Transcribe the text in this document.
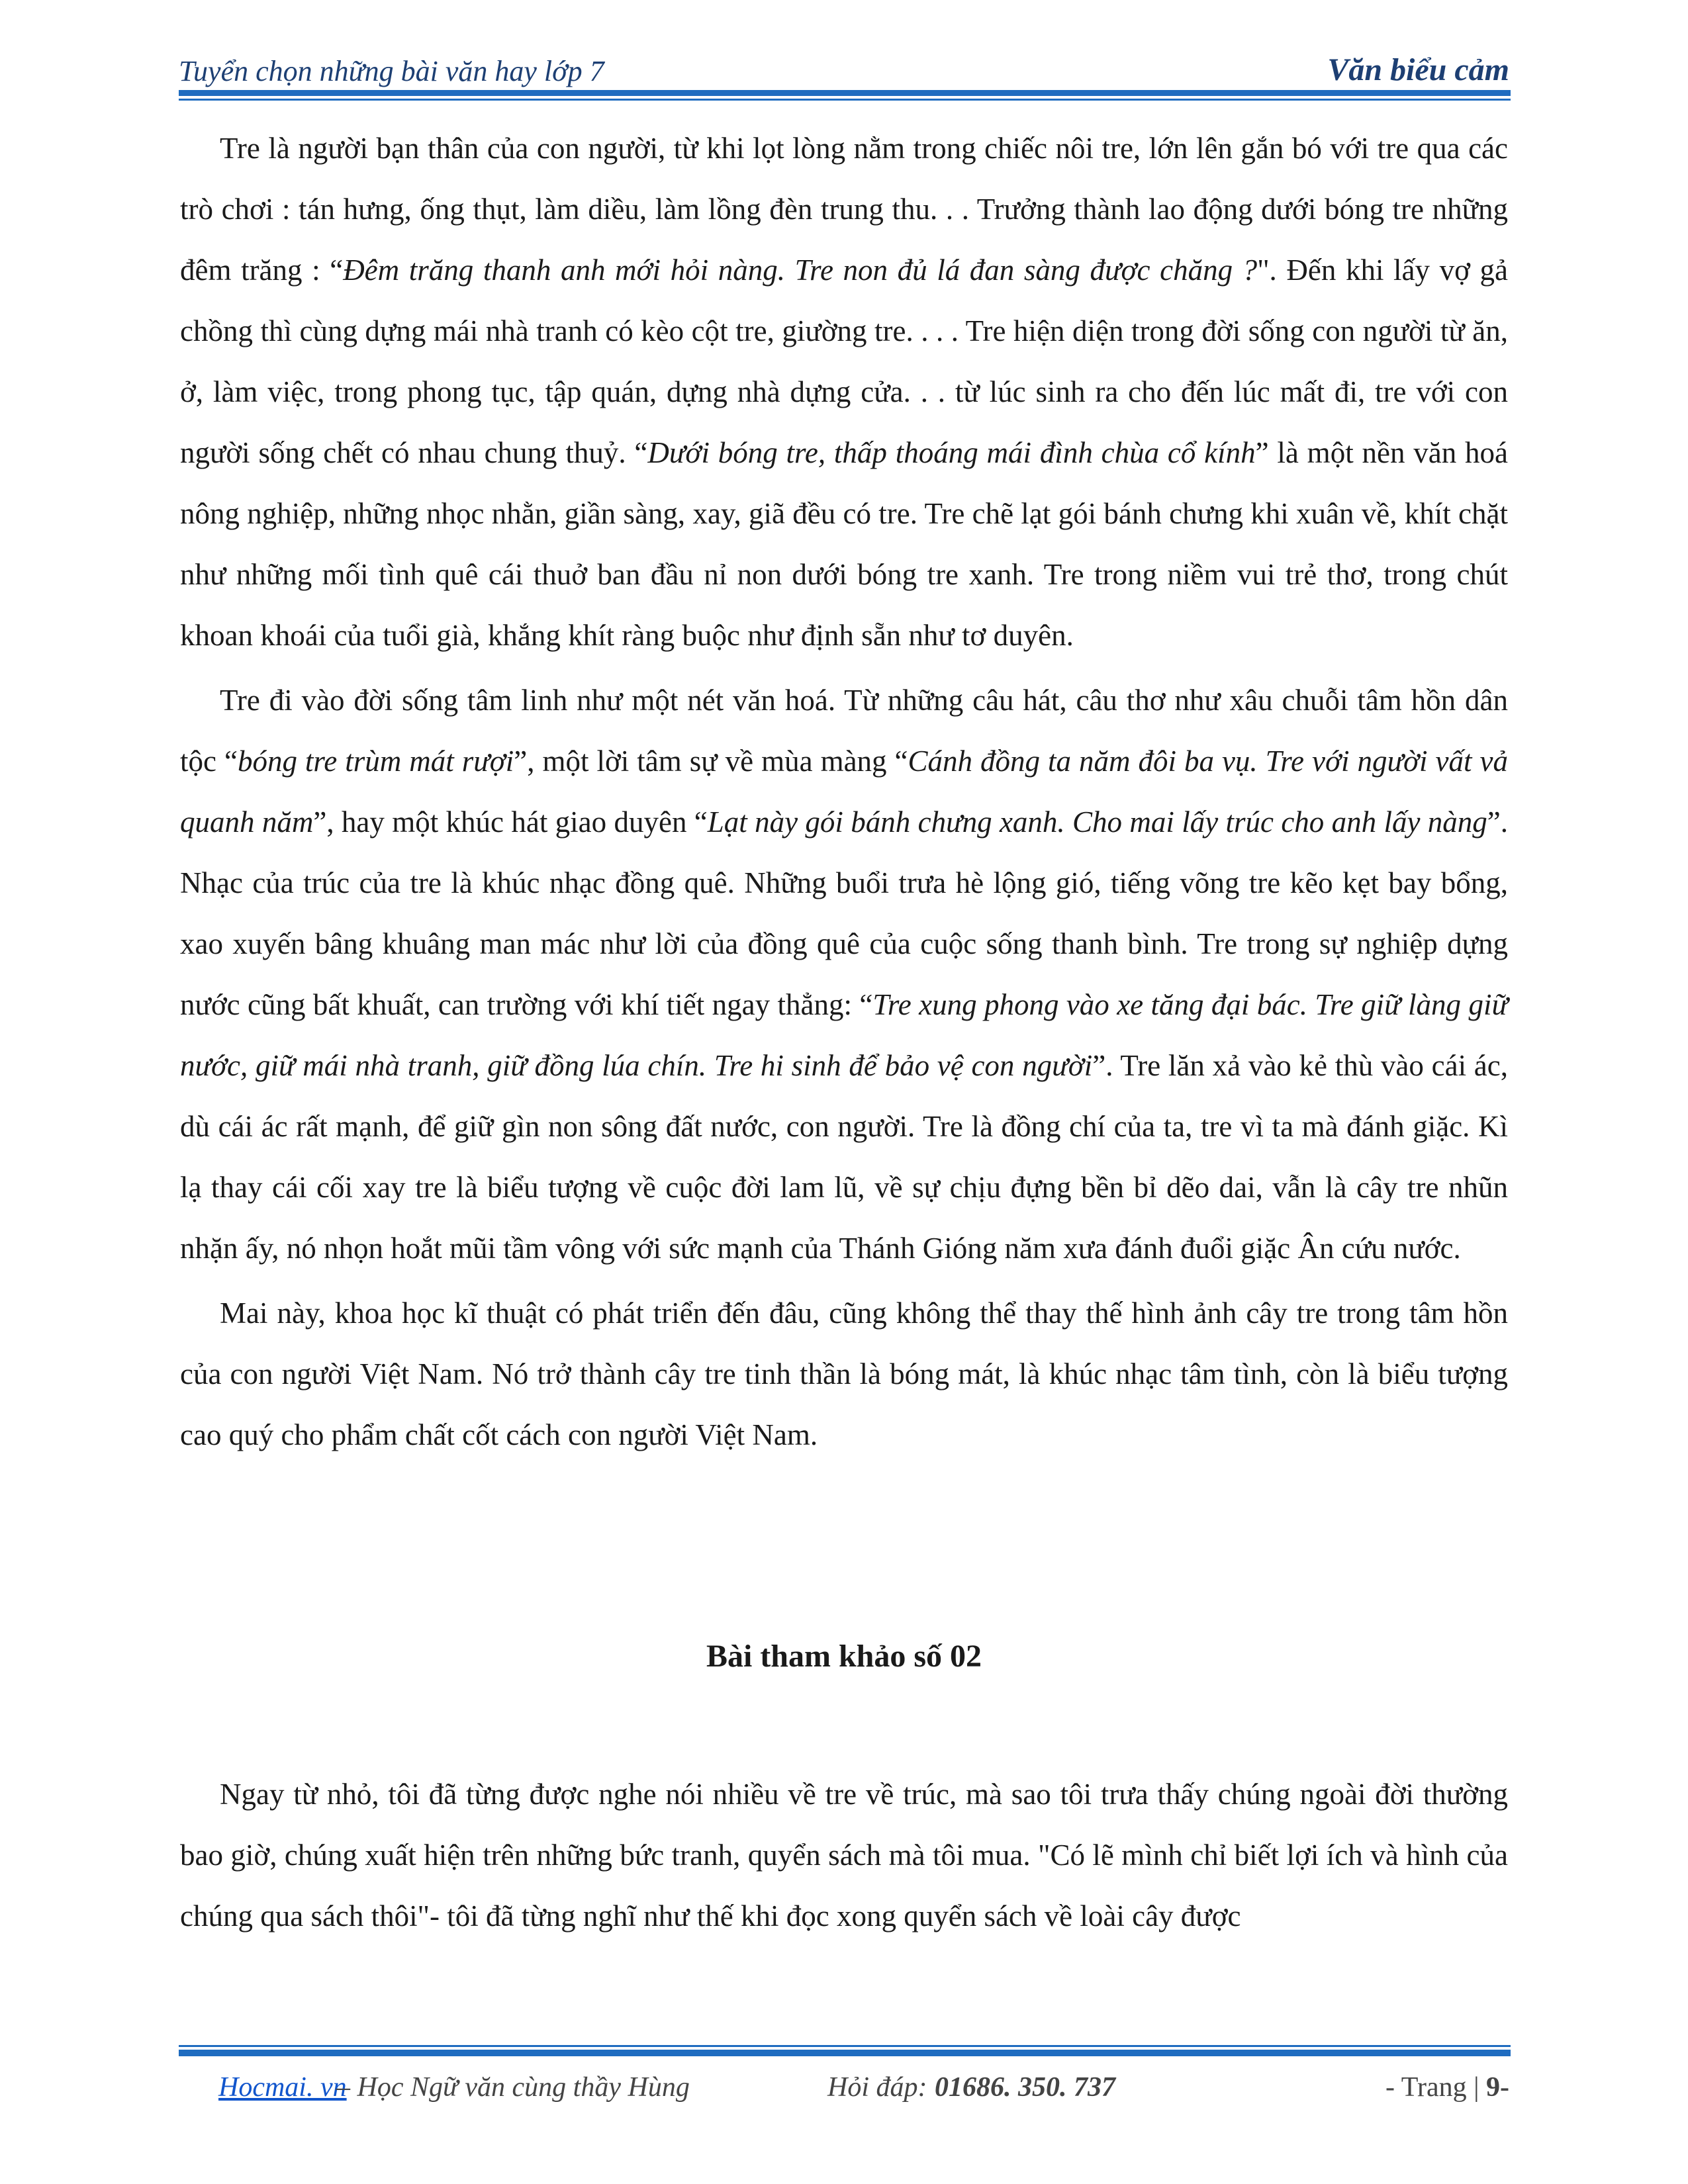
Tuyển chọn những bài văn hay lớp 7	Văn biểu cảm

Tre là người bạn thân của con người, từ khi lọt lòng nằm trong chiếc nôi tre, lớn lên gắn bó với tre qua các trò chơi : tán hưng, ống thụt, làm diều, làm lồng đèn trung thu. . . Trưởng thành lao động dưới bóng tre những đêm trăng : “Đêm trăng thanh anh mới hỏi nàng. Tre non đủ lá đan sàng được chăng ?". Đến khi lấy vợ gả chồng thì cùng dựng mái nhà tranh có kèo cột tre, giường tre. . . . Tre hiện diện trong đời sống con người từ ăn, ở, làm việc, trong phong tục, tập quán, dựng nhà dựng cửa. . . từ lúc sinh ra cho đến lúc mất đi, tre với con người sống chết có nhau chung thuỷ. “Dưới bóng tre, thấp thoáng mái đình chùa cổ kính” là một nền văn hoá nông nghiệp, những nhọc nhằn, giần sàng, xay, giã đều có tre. Tre chẽ lạt gói bánh chưng khi xuân về, khít chặt như những mối tình quê cái thuở ban đầu nỉ non dưới bóng tre xanh. Tre trong niềm vui trẻ thơ, trong chút khoan khoái của tuổi già, khắng khít ràng buộc như định sẵn như tơ duyên.

Tre đi vào đời sống tâm linh như một nét văn hoá. Từ những câu hát, câu thơ như xâu chuỗi tâm hồn dân tộc “bóng tre trùm mát rượi”, một lời tâm sự về mùa màng “Cánh đồng ta năm đôi ba vụ. Tre với người vất vả quanh năm”, hay một khúc hát giao duyên “Lạt này gói bánh chưng xanh. Cho mai lấy trúc cho anh lấy nàng”. Nhạc của trúc của tre là khúc nhạc đồng quê. Những buổi trưa hè lộng gió, tiếng võng tre kẽo kẹt bay bổng, xao xuyến bâng khuâng man mác như lời của đồng quê của cuộc sống thanh bình. Tre trong sự nghiệp dựng nước cũng bất khuất, can trường với khí tiết ngay thẳng: “Tre xung phong vào xe tăng đại bác. Tre giữ làng giữ nước, giữ mái nhà tranh, giữ đồng lúa chín. Tre hi sinh để bảo vệ con người”. Tre lăn xả vào kẻ thù vào cái ác, dù cái ác rất mạnh, để giữ gìn non sông đất nước, con người. Tre là đồng chí của ta, tre vì ta mà đánh giặc. Kì lạ thay cái cối xay tre là biểu tượng về cuộc đời lam lũ, về sự chịu đựng bền bỉ dẽo dai, vẫn là cây tre nhũn nhặn ấy, nó nhọn hoắt mũi tầm vông với sức mạnh của Thánh Gióng năm xưa đánh đuổi giặc Ân cứu nước.

Mai này, khoa học kĩ thuật có phát triển đến đâu, cũng không thể thay thế hình ảnh cây tre trong tâm hồn của con người Việt Nam. Nó trở thành cây tre tinh thần là bóng mát, là khúc nhạc tâm tình, còn là biểu tượng cao quý cho phẩm chất cốt cách con người Việt Nam.

Bài tham khảo số 02

Ngay từ nhỏ, tôi đã từng được nghe nói nhiều về tre về trúc, mà sao tôi trưa thấy chúng ngoài đời thường bao giờ, chúng xuất hiện trên những bức tranh, quyển sách mà tôi mua. "Có lẽ mình chỉ biết lợi ích và hình của chúng qua sách thôi"- tôi đã từng nghĩ như thế khi đọc xong quyển sách về loài cây được

Hocmai. vn
– Học Ngữ văn cùng thầy Hùng	Hỏi đáp: 01686. 350. 737	- Trang | 9-
